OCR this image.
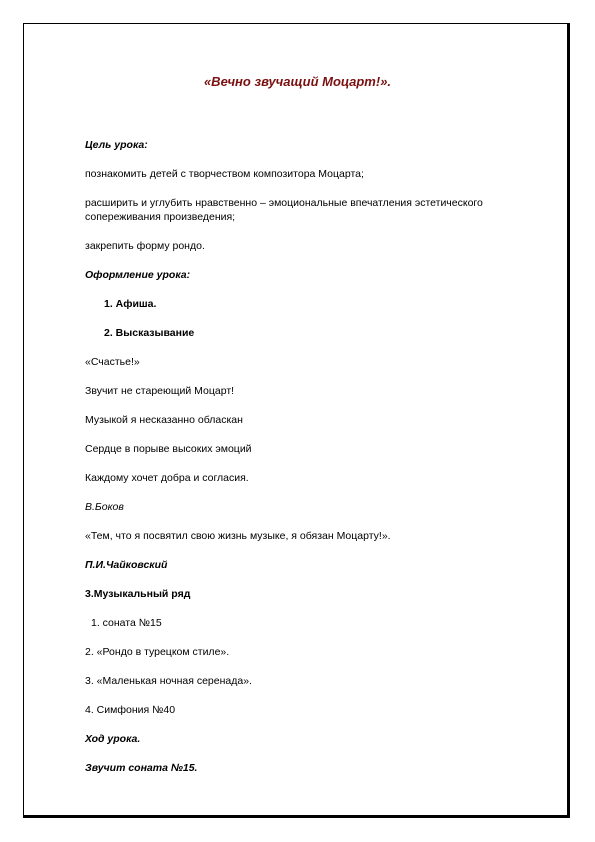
«Вечно звучащий Моцарт!».
Цель урока:
познакомить детей с творчеством композитора Моцарта;
расширить и углубить нравственно – эмоциональные впечатления эстетического
сопереживания произведения;
закрепить форму рондо.
Оформление урока:
1. Афиша.
2. Высказывание
«Счастье!»
Звучит не стареющий Моцарт!
Музыкой я несказанно обласкан
Сердце в порыве высоких эмоций
Каждому хочет добра и согласия.
В.Боков
«Тем, что я посвятил свою жизнь музыке, я обязан Моцарту!».
П.И.Чайковский
3.Музыкальный ряд
1. соната №15
2. «Рондо в турецком стиле».
3. «Маленькая ночная серенада».
4. Симфония №40
Ход урока.
Звучит соната №15.
